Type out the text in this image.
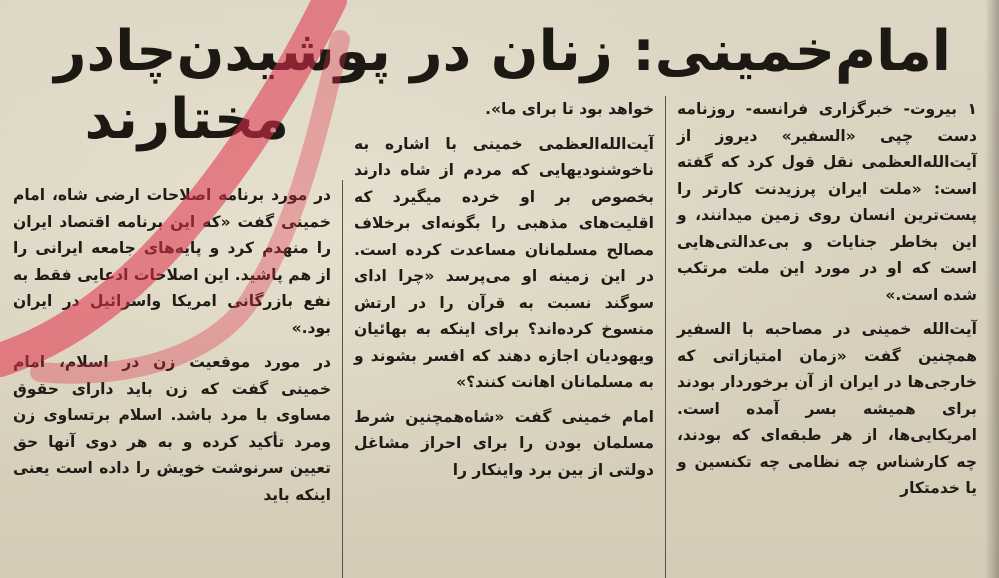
امام‌خمینی: زنان در پوشیدن‌چادر
مختارند	۱ بیروت- خبرگزاری فرانسه- روزنامه دست چپی «السفیر» دیروز از آیت‌الله‌العظمی نقل قول کرد که گفته است: «ملت ایران پرزیدنت کارتر را پست‌ترین انسان روی زمین میدانند، و این بخاطر جنایات و بی‌عدالتی‌هایی است که او در مورد این ملت مرتکب شده است.»

آیت‌الله خمینی در مصاحبه با السفیر همچنین گفت «زمان امتیازاتی که خارجی‌ها در ایران از آن برخوردار بودند برای همیشه بسر آمده است. امریکایی‌ها، از هر طبقه‌ای که بودند، چه کارشناس چه نظامی چه تکنسین و یا خدمتکار

خواهد بود تا برای ما».

آیت‌الله‌العظمی خمینی با اشاره به ناخوشنودیهایی که مردم از شاه دارند بخصوص بر او خرده میگیرد که اقلیت‌های مذهبی را بگونه‌ای برخلاف مصالح مسلمانان مساعدت کرده است. در این زمینه او می‌پرسد «چرا ادای سوگند نسبت به قرآن را در ارتش منسوخ کرده‌اند؟ برای اینکه به بهائیان ویهودیان اجازه دهند که افسر بشوند و به مسلمانان اهانت کنند؟»

امام خمینی گفت «شاه‌همچنین شرط مسلمان بودن را برای احراز مشاغل دولتی از بین برد واینکار را

در مورد برنامه اصلاحات ارضی شاه، امام خمینی گفت «که این برنامه اقتصاد ایران را منهدم کرد و پایه‌های جامعه ایرانی را از هم پاشید. این اصلاحات ادعایی فقط به نفع بازرگانی امریکا واسرائیل در ایران بود.»

در مورد موقعیت زن در اسلام، امام خمینی گفت که زن باید دارای حقوق مساوی با مرد باشد. اسلام برتساوی زن ومرد تأکید کرده و به هر دوی آنها حق تعیین سرنوشت خویش را داده است یعنی اینکه باید
